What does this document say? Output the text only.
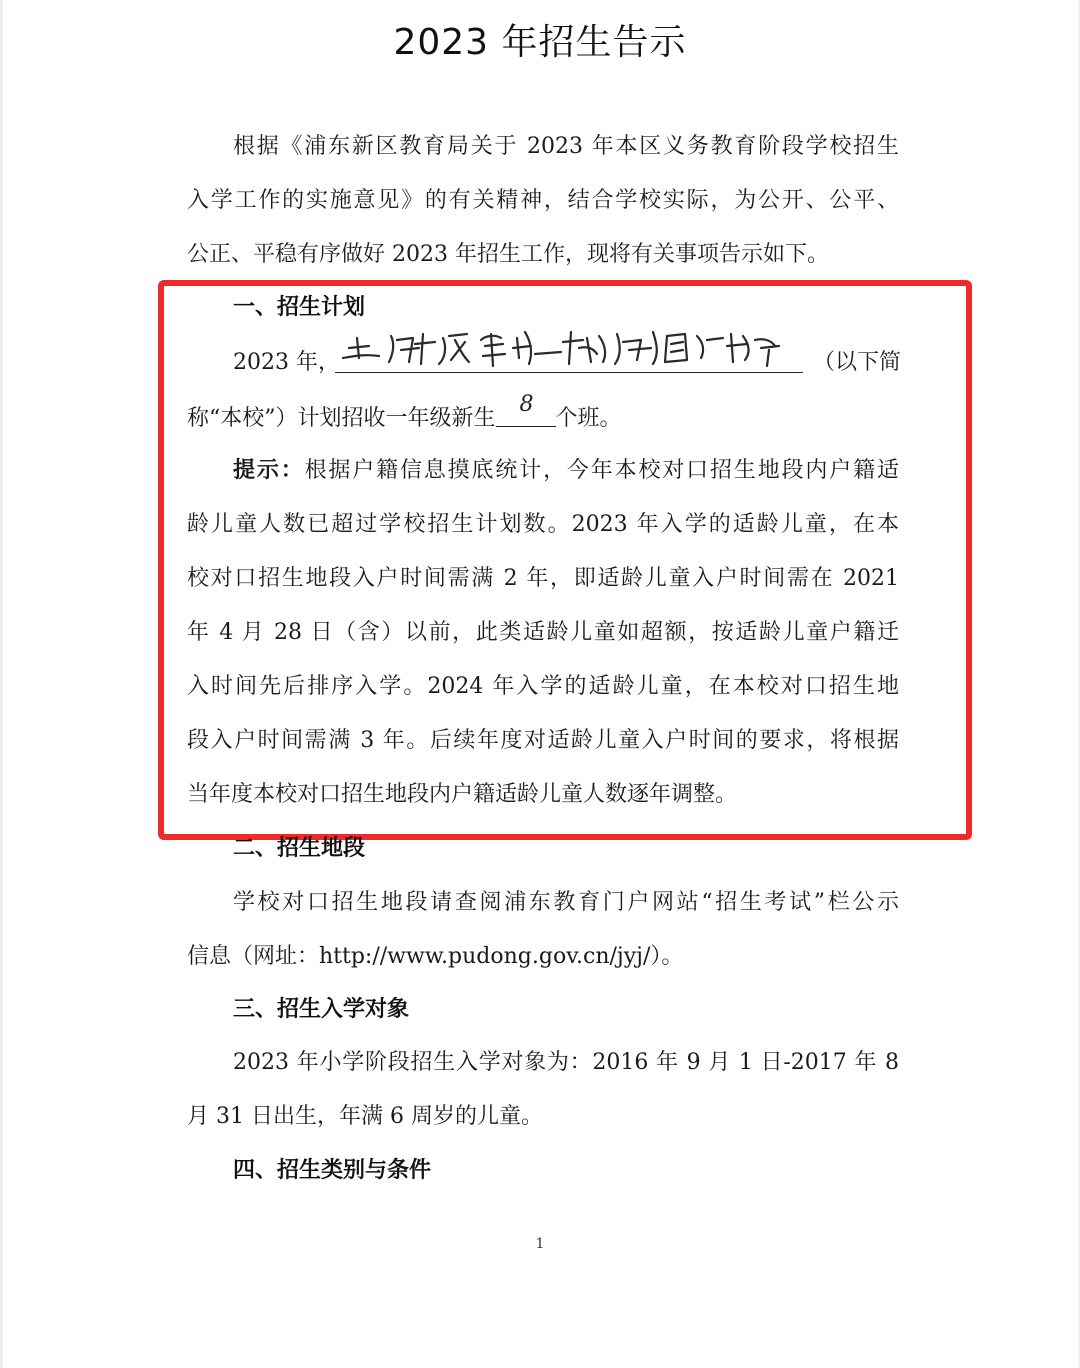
2023 年招生告示
根据《浦东新区教育局关于 2023 年本区义务教育阶段学校招生
入学工作的实施意见》的有关精神，结合学校实际，为公开、公平、
公正、平稳有序做好 2023 年招生工作，现将有关事项告示如下。
一、招生计划
2023 年，	（以下简
称“本校”）计划招收一年级新生
8
个班。
提示：根据户籍信息摸底统计，今年本校对口招生地段内户籍适
龄儿童人数已超过学校招生计划数。2023 年入学的适龄儿童，在本
校对口招生地段入户时间需满 2 年，即适龄儿童入户时间需在 2021
年 4 月 28 日（含）以前，此类适龄儿童如超额，按适龄儿童户籍迁
入时间先后排序入学。2024 年入学的适龄儿童，在本校对口招生地
段入户时间需满 3 年。后续年度对适龄儿童入户时间的要求，将根据
当年度本校对口招生地段内户籍适龄儿童人数逐年调整。
二、招生地段
学校对口招生地段请查阅浦东教育门户网站“招生考试”栏公示
信息（网址：http://www.pudong.gov.cn/jyj/）。
三、招生入学对象
2023 年小学阶段招生入学对象为：2016 年 9 月 1 日-2017 年 8
月 31 日出生，年满 6 周岁的儿童。
四、招生类别与条件
1
